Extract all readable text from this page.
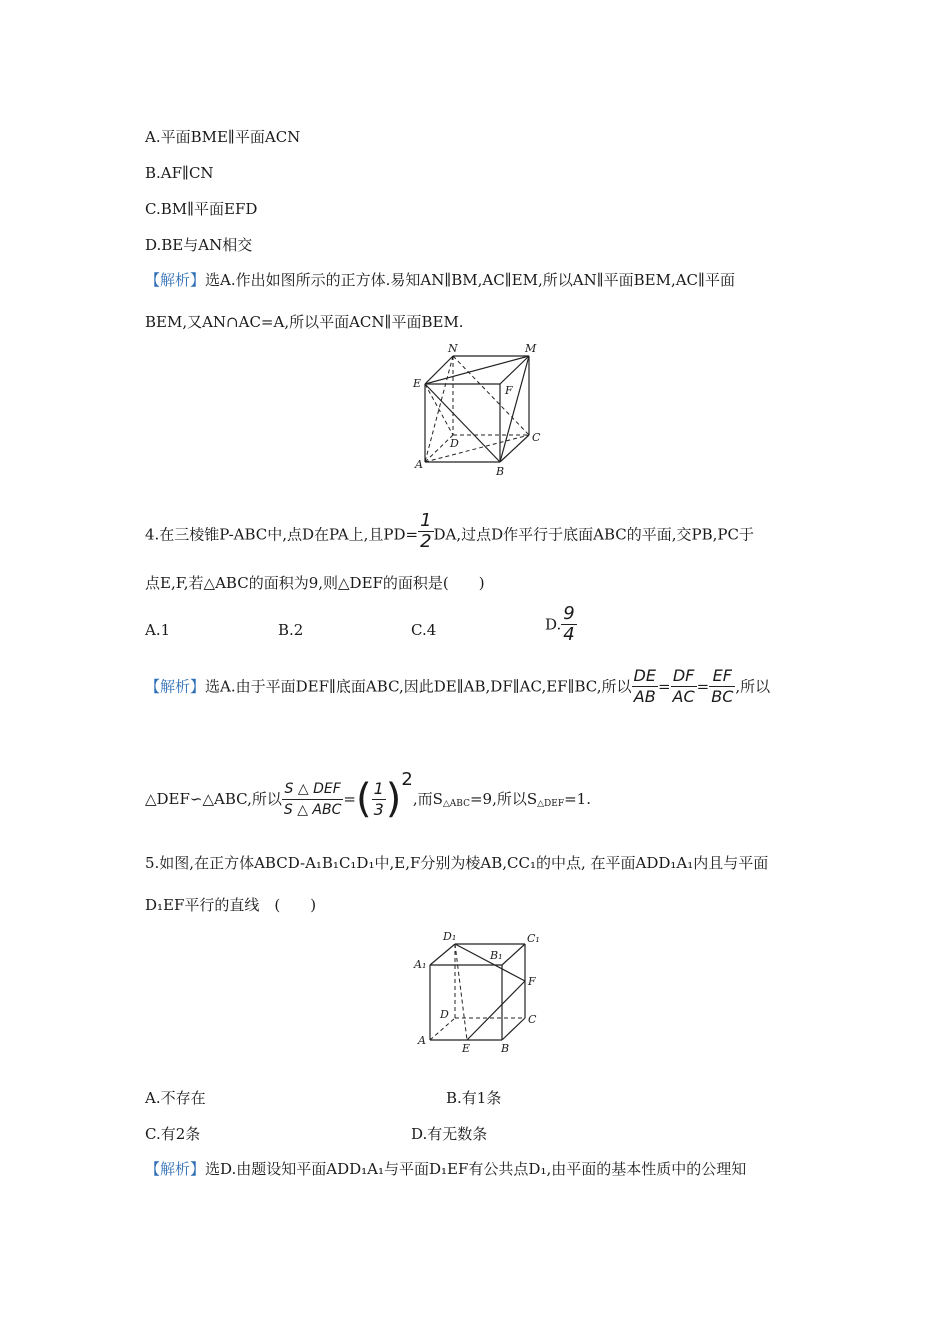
A.平面BME∥平面ACN
B.AF∥CN
C.BM∥平面EFD
D.BE与AN相交
【解析】选A.作出如图所示的正方体.易知AN∥BM,AC∥EM,所以AN∥平面BEM,AC∥平面
BEM,又AN∩AC=A,所以平面ACN∥平面BEM.
N	M
E
F
D	C
A
B
4.在三棱锥P-ABC中,点D在PA上,且$PD= \frac{1}{2}$ DA,过点D作平行于底面ABC的平面,交PB,PC于
点E,F,若△ABC的面积为9,则△DEF的面积是(　　)
A.1	B.2	C.4	D. $\frac{9}{4}$
【解析】选A.由于平面DEF∥底面ABC,因此DE∥AB,DF∥AC,EF∥BC,所以 $\frac{DE}{AB} = \frac{DF}{AC} = \frac{EF}{BC}$ ,所以
△DEF∽△ABC,所以 $\frac{\text{S △ DEF}}{\text{S △ ABC}}$ =( $\frac{1}{3} )^2$,而$S_{\triangle ABC}=9$,所以$S_{\triangle DEF}=1$.
5.如图,在正方体ABCD-A₁B₁C₁D₁中,E,F分别为棱AB,CC₁的中点, 在平面ADD₁A₁内且与平面
D₁EF平行的直线　(　　)
D₁	C₁
A₁
B₁
F
D	C
A
E	B
A.不存在	B.有1条
C.有2条	D.有无数条
【解析】选D.由题设知平面ADD₁A₁与平面D₁EF有公共点D₁,由平面的基本性质中的公理知
